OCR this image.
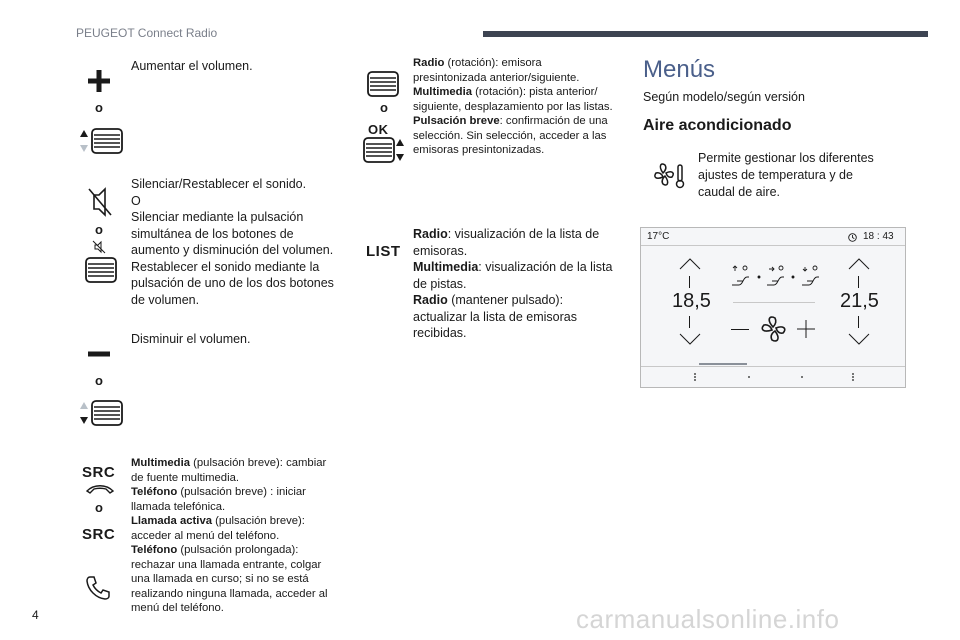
PEUGEOT Connect Radio
o
Aumentar el volumen.
o

Silenciar/Restablecer el sonido.

O

Silenciar mediante la pulsación simultánea de los botones de aumento y disminución del volumen.

Restablecer el sonido mediante la pulsación de uno de los dos botones de volumen.

o
Disminuir el volumen.
SRC
o
SRC

Multimedia (pulsación breve): cambiar de fuente multimedia.

Teléfono (pulsación breve) : iniciar llamada telefónica.

Llamada activa (pulsación breve): acceder al menú del teléfono.

Teléfono (pulsación prolongada): rechazar una llamada entrante, colgar una llamada en curso; si no se está realizando ninguna llamada, acceder al menú del teléfono.

o
OK

Radio (rotación): emisora presintonizada anterior/siguiente.

Multimedia (rotación): pista anterior/ siguiente, desplazamiento por las listas.

Pulsación breve: confirmación de una selección. Sin selección, acceder a las emisoras presintonizadas.

LIST

Radio: visualización de la lista de emisoras.

Multimedia: visualización de la lista de pistas.

Radio (mantener pulsado): actualizar la lista de emisoras recibidas.

Menús
Según modelo/según versión
Aire acondicionado
Permite gestionar los diferentes ajustes de temperatura y de caudal de aire.
17°C	18 : 43
18,5	21,5
4	carmanualsonline.info
